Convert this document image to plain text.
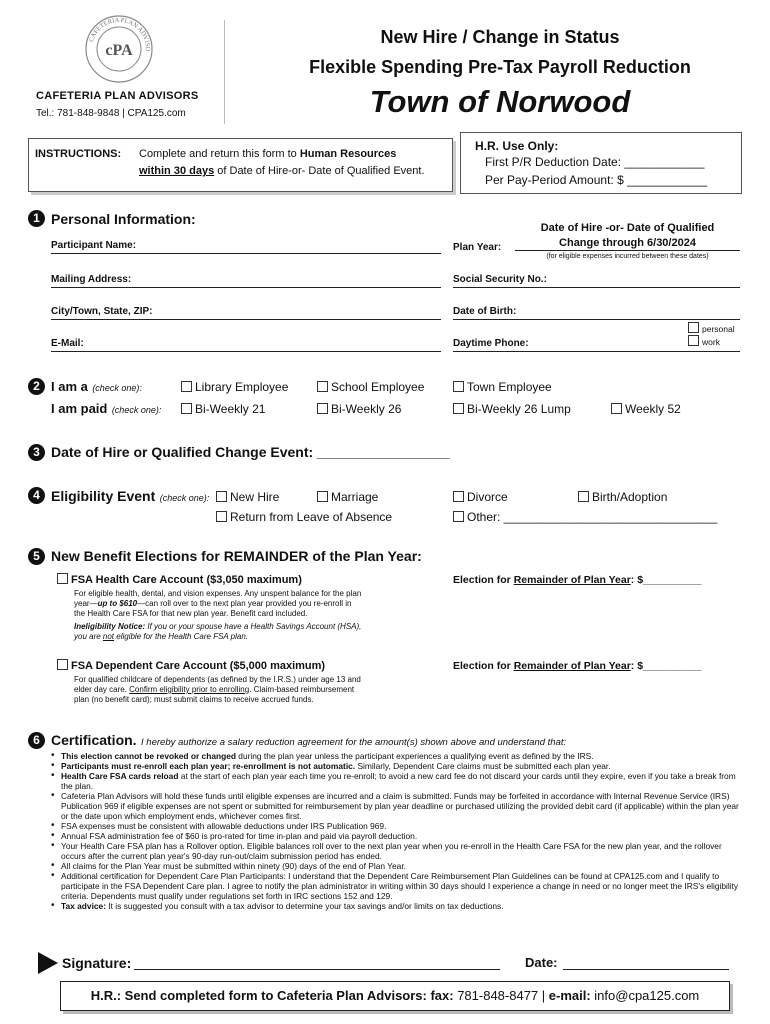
cPA
CAFETERIA PLAN ADVISO
CAFETERIA PLAN ADVISORS
Tel.: 781-848-9848 | CPA125.com
New Hire / Change in Status
Flexible Spending Pre-Tax Payroll Reduction
Town of Norwood
INSTRUCTIONS: Complete and return this form to Human Resources
within 30 days of Date of Hire-or- Date of Qualified Event.
H.R. Use Only:
First P/R Deduction Date: ____________
Per Pay-Period Amount: $ ____________
1 Personal Information:
Participant Name:	Plan Year:
Date of Hire -or- Date of Qualified
Change through 6/30/2024
(for eligible expenses incurred between these dates)
Mailing Address:	Social Security No.:
City/Town, State, ZIP:	Date of Birth:
E-Mail:	Daytime Phone:
personal
work
2 I am a (check one):	Library Employee	School Employee	Town Employee
I am paid (check one):	Bi-Weekly 21	Bi-Weekly 26	Bi-Weekly 26 Lump	Weekly 52
3 Date of Hire or Qualified Change Event: _________________
4 Eligibility Event (check one):	New Hire	Marriage	Divorce	Birth/Adoption
Return from Leave of Absence	Other: ________________________________
5 New Benefit Elections for REMAINDER of the Plan Year:
FSA Health Care Account ($3,050 maximum)
For eligible health, dental, and vision expenses. Any unspent balance for the plan
year—up to $610—can roll over to the next plan year provided you re-enroll in
the Health Care FSA for that new plan year. Benefit card included.
Ineligibility Notice: If you or your spouse have a Health Savings Account (HSA),
you are not eligible for the Health Care FSA plan.
Election for Remainder of Plan Year: $__________
FSA Dependent Care Account ($5,000 maximum)
For qualified childcare of dependents (as defined by the I.R.S.) under age 13 and
elder day care. Confirm eligibility prior to enrolling. Claim-based reimbursement
plan (no benefit card); must submit claims to receive accrued funds.
Election for Remainder of Plan Year: $__________
6 Certification. I hereby authorize a salary reduction agreement for the amount(s) shown above and understand that:
• This election cannot be revoked or changed during the plan year unless the participant experiences a qualifying event as defined by the IRS.
• Participants must re-enroll each plan year; re-enrollment is not automatic. Similarly, Dependent Care claims must be submitted each plan year.
• Health Care FSA cards reload at the start of each plan year each time you re-enroll; to avoid a new card fee do not discard your cards until they expire, even if you take a break from the plan.
• Cafeteria Plan Advisors will hold these funds until eligible expenses are incurred and a claim is submitted. Funds may be forfeited in accordance with Internal Revenue Service (IRS) Publication 969 if eligible expenses are not spent or submitted for reimbursement by plan year deadline or purchased utilizing the provided debit card (if applicable) within the plan year or the date upon which employment ends, whichever comes first.
• FSA expenses must be consistent with allowable deductions under IRS Publication 969.
• Annual FSA administration fee of $60 is pro-rated for time in-plan and paid via payroll deduction.
• Your Health Care FSA plan has a Rollover option. Eligible balances roll over to the next plan year when you re-enroll in the Health Care FSA for the new plan year, and the rollover occurs after the current plan year's 90-day run-out/claim submission period has ended.
• All claims for the Plan Year must be submitted within ninety (90) days of the end of Plan Year.
• Additional certification for Dependent Care Plan Participants: I understand that the Dependent Care Reimbursement Plan Guidelines can be found at CPA125.com and I qualify to participate in the FSA Dependent Care plan. I agree to notify the plan administrator in writing within 30 days should I experience a change in need or no longer meet the IRS's eligibility criteria. Dependents must qualify under regulations set forth in IRC sections 152 and 129.
• Tax advice: It is suggested you consult with a tax advisor to determine your tax savings and/or limits on tax deductions.
Signature:	Date:
H.R.: Send completed form to Cafeteria Plan Advisors: fax: 781-848-8477 | e-mail: info@cpa125.com
